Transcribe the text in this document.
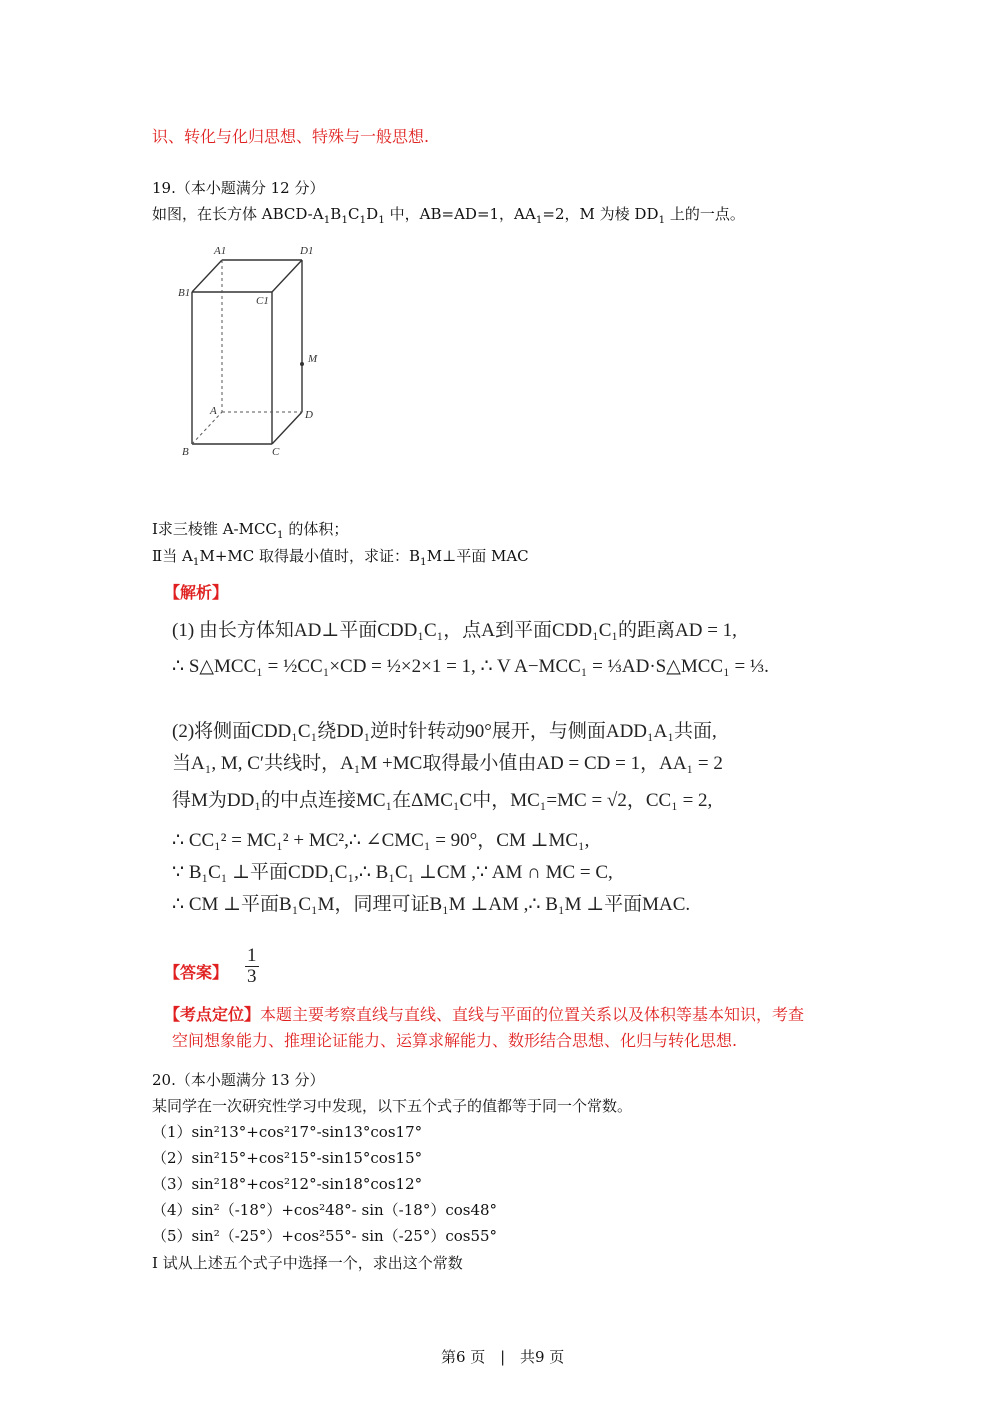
识、转化与化归思想、特殊与一般思想.
19.（本小题满分 12 分）
如图，在长方体 ABCD-$A_1B_1C_1D_1$ 中，AB=AD=1，$AA_1=2$，M 为棱 $DD_1$ 上的一点。
A1	D1
B1
C1
M
A	D
B	C
Ⅰ求三棱锥 $A-MCC_1$ 的体积；
Ⅱ当 $A_1M+MC$ 取得最小值时，求证：$B_1M\perp$平面 MAC
【解析】
(1) 由长方体知AD⊥平面CDD₁C₁，点A到平面CDD₁C₁的距离AD = 1,
∴ S△MCC₁ = ½CC₁×CD = ½×2×1 = 1, ∴ V A−MCC₁ = ⅓AD·S△MCC₁ = ⅓.
(2)将侧面CDD₁C₁绕DD₁逆时针转动90°展开，与侧面ADD₁A₁共面,
当A₁, M, C′共线时，A₁M +MC取得最小值由AD = CD = 1，AA₁ = 2
得M为DD₁的中点连接MC₁在ΔMC₁C中，MC₁=MC = √2，CC₁ = 2,
∴ CC₁² = MC₁² + MC²,∴ ∠CMC₁ = 90°，CM ⊥MC₁,
∵ B₁C₁ ⊥平面CDD₁C₁,∴ B₁C₁ ⊥CM ,∵ AM ∩ MC = C,
∴ CM ⊥平面B₁C₁M，同理可证B₁M ⊥AM ,∴ B₁M ⊥平面MAC.
【答案】 $\frac{1}{3}$
【考点定位】本题主要考察直线与直线、直线与平面的位置关系以及体积等基本知识，考查
空间想象能力、推理论证能力、运算求解能力、数形结合思想、化归与转化思想.
20.（本小题满分 13 分）
某同学在一次研究性学习中发现，以下五个式子的值都等于同一个常数。
（1）sin²13°+cos²17°-sin13°cos17°
（2）sin²15°+cos²15°-sin15°cos15°
（3）sin²18°+cos²12°-sin18°cos12°
（4）sin²（-18°）+cos²48°- sin（-18°）cos48°
（5）sin²（-25°）+cos²55°- sin（-25°）cos55°
Ⅰ 试从上述五个式子中选择一个，求出这个常数
第6 页 | 共9 页
